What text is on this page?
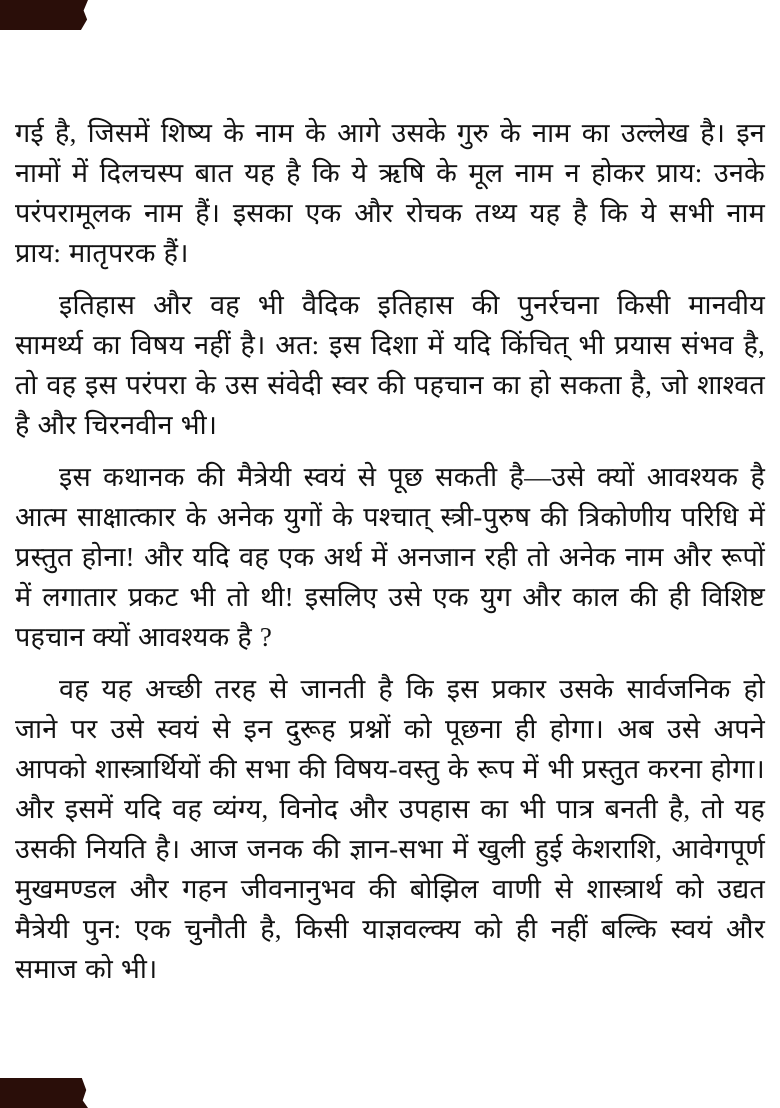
गई है, जिसमें शिष्य के नाम के आगे उसके गुरु के नाम का उल्लेख है। इन
नामों में दिलचस्प बात यह है कि ये ऋषि के मूल नाम न होकर प्राय: उनके
परंपरामूलक नाम हैं। इसका एक और रोचक तथ्य यह है कि ये सभी नाम
प्राय: मातृपरक हैं।
इतिहास और वह भी वैदिक इतिहास की पुनर्रचना किसी मानवीय
सामर्थ्य का विषय नहीं है। अत: इस दिशा में यदि किंचित् भी प्रयास संभव है,
तो वह इस परंपरा के उस संवेदी स्वर की पहचान का हो सकता है, जो शाश्वत
है और चिरनवीन भी।
इस कथानक की मैत्रेयी स्वयं से पूछ सकती है—उसे क्यों आवश्यक है
आत्म साक्षात्कार के अनेक युगों के पश्चात् स्त्री-पुरुष की त्रिकोणीय परिधि में
प्रस्तुत होना! और यदि वह एक अर्थ में अनजान रही तो अनेक नाम और रूपों
में लगातार प्रकट भी तो थी! इसलिए उसे एक युग और काल की ही विशिष्ट
पहचान क्यों आवश्यक है ?
वह यह अच्छी तरह से जानती है कि इस प्रकार उसके सार्वजनिक हो
जाने पर उसे स्वयं से इन दुरूह प्रश्नों को पूछना ही होगा। अब उसे अपने
आपको शास्त्रार्थियों की सभा की विषय-वस्तु के रूप में भी प्रस्तुत करना होगा।
और इसमें यदि वह व्यंग्य, विनोद और उपहास का भी पात्र बनती है, तो यह
उसकी नियति है। आज जनक की ज्ञान-सभा में खुली हुई केशराशि, आवेगपूर्ण
मुखमण्डल और गहन जीवनानुभव की बोझिल वाणी से शास्त्रार्थ को उद्यत
मैत्रेयी पुन: एक चुनौती है, किसी याज्ञवल्क्य को ही नहीं बल्कि स्वयं और
समाज को भी।
